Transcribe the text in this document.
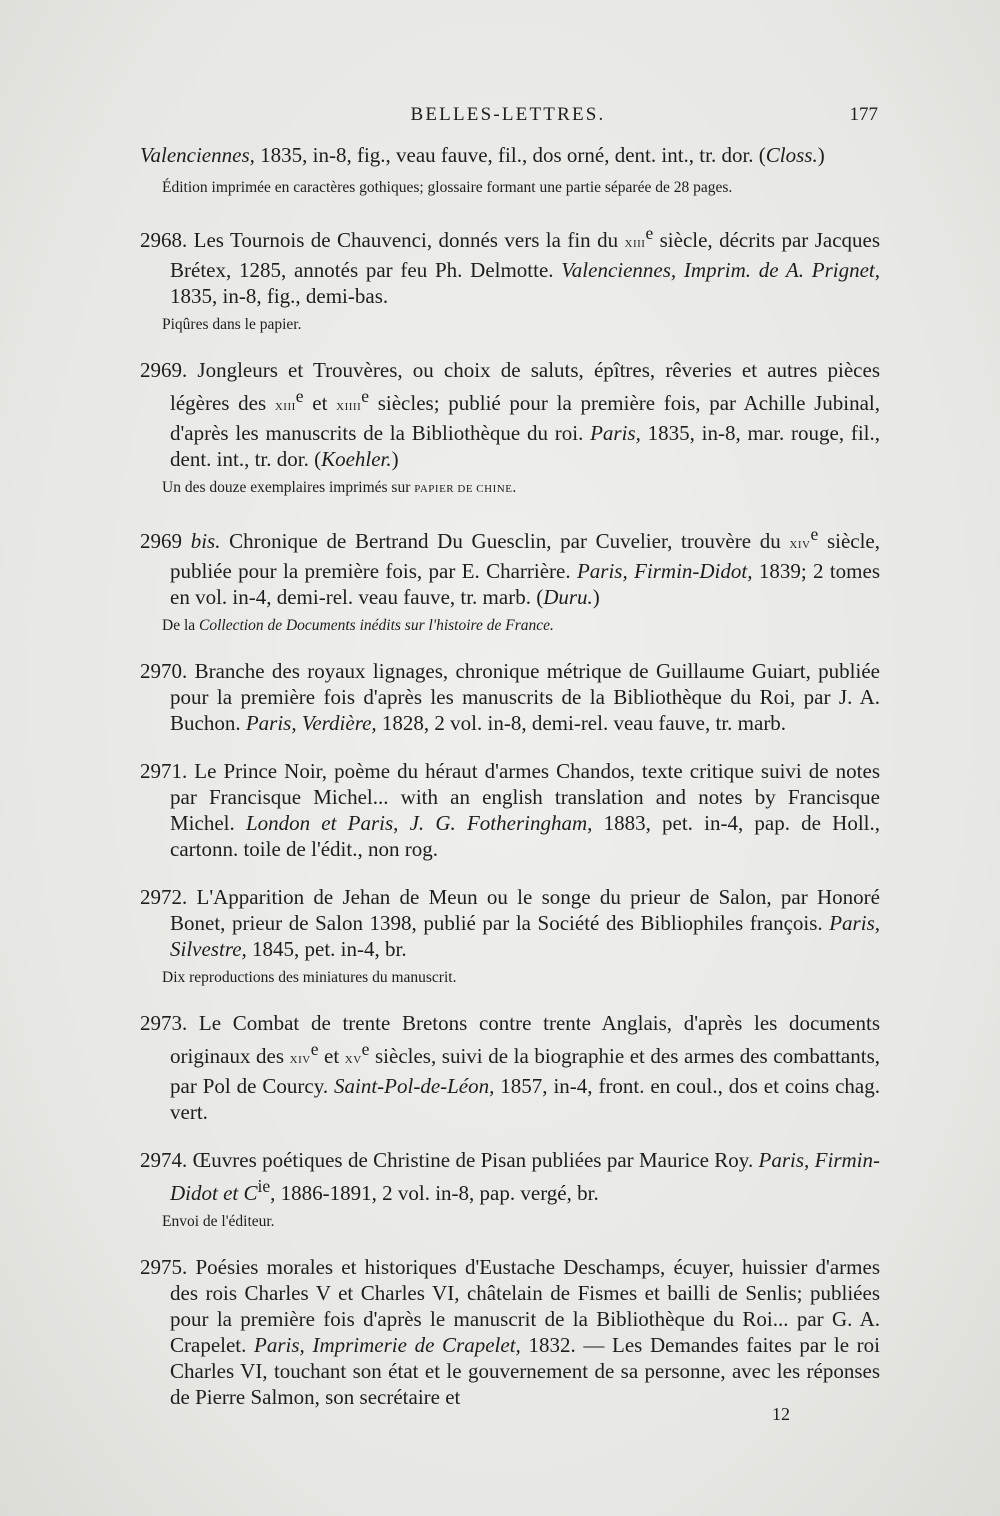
BELLES-LETTRES.	177

Valenciennes, 1835, in-8, fig., veau fauve, fil., dos orné, dent. int., tr. dor. (Closs.)

Édition imprimée en caractères gothiques; glossaire formant une partie séparée de 28 pages.

2968. Les Tournois de Chauvenci, donnés vers la fin du XIIIe siècle, décrits par Jacques Brétex, 1285, annotés par feu Ph. Delmotte. Valenciennes, Imprim. de A. Prignet, 1835, in-8, fig., demi-bas.

Piqûres dans le papier.

2969. Jongleurs et Trouvères, ou choix de saluts, épîtres, rêveries et autres pièces légères des XIIIe et XIIIIe siècles; publié pour la première fois, par Achille Jubinal, d'après les manuscrits de la Bibliothèque du roi. Paris, 1835, in-8, mar. rouge, fil., dent. int., tr. dor. (Koehler.)

Un des douze exemplaires imprimés sur PAPIER DE CHINE.

2969 bis. Chronique de Bertrand Du Guesclin, par Cuvelier, trouvère du XIVe siècle, publiée pour la première fois, par E. Charrière. Paris, Firmin-Didot, 1839; 2 tomes en vol. in-4, demi-rel. veau fauve, tr. marb. (Duru.)

De la Collection de Documents inédits sur l'histoire de France.

2970. Branche des royaux lignages, chronique métrique de Guillaume Guiart, publiée pour la première fois d'après les manuscrits de la Bibliothèque du Roi, par J. A. Buchon. Paris, Verdière, 1828, 2 vol. in-8, demi-rel. veau fauve, tr. marb.

2971. Le Prince Noir, poème du héraut d'armes Chandos, texte critique suivi de notes par Francisque Michel... with an english translation and notes by Francisque Michel. London et Paris, J. G. Fotheringham, 1883, pet. in-4, pap. de Holl., cartonn. toile de l'édit., non rog.

2972. L'Apparition de Jehan de Meun ou le songe du prieur de Salon, par Honoré Bonet, prieur de Salon 1398, publié par la Société des Bibliophiles françois. Paris, Silvestre, 1845, pet. in-4, br.

Dix reproductions des miniatures du manuscrit.

2973. Le Combat de trente Bretons contre trente Anglais, d'après les documents originaux des XIVe et XVe siècles, suivi de la biographie et des armes des combattants, par Pol de Courcy. Saint-Pol-de-Léon, 1857, in-4, front. en coul., dos et coins chag. vert.

2974. Œuvres poétiques de Christine de Pisan publiées par Maurice Roy. Paris, Firmin-Didot et $C^{ie}$, 1886-1891, 2 vol. in-8, pap. vergé, br.

Envoi de l'éditeur.

2975. Poésies morales et historiques d'Eustache Deschamps, écuyer, huissier d'armes des rois Charles V et Charles VI, châtelain de Fismes et bailli de Senlis; publiées pour la première fois d'après le manuscrit de la Bibliothèque du Roi... par G. A. Crapelet. Paris, Imprimerie de Crapelet, 1832. — Les Demandes faites par le roi Charles VI, touchant son état et le gouvernement de sa personne, avec les réponses de Pierre Salmon, son secrétaire et

12
